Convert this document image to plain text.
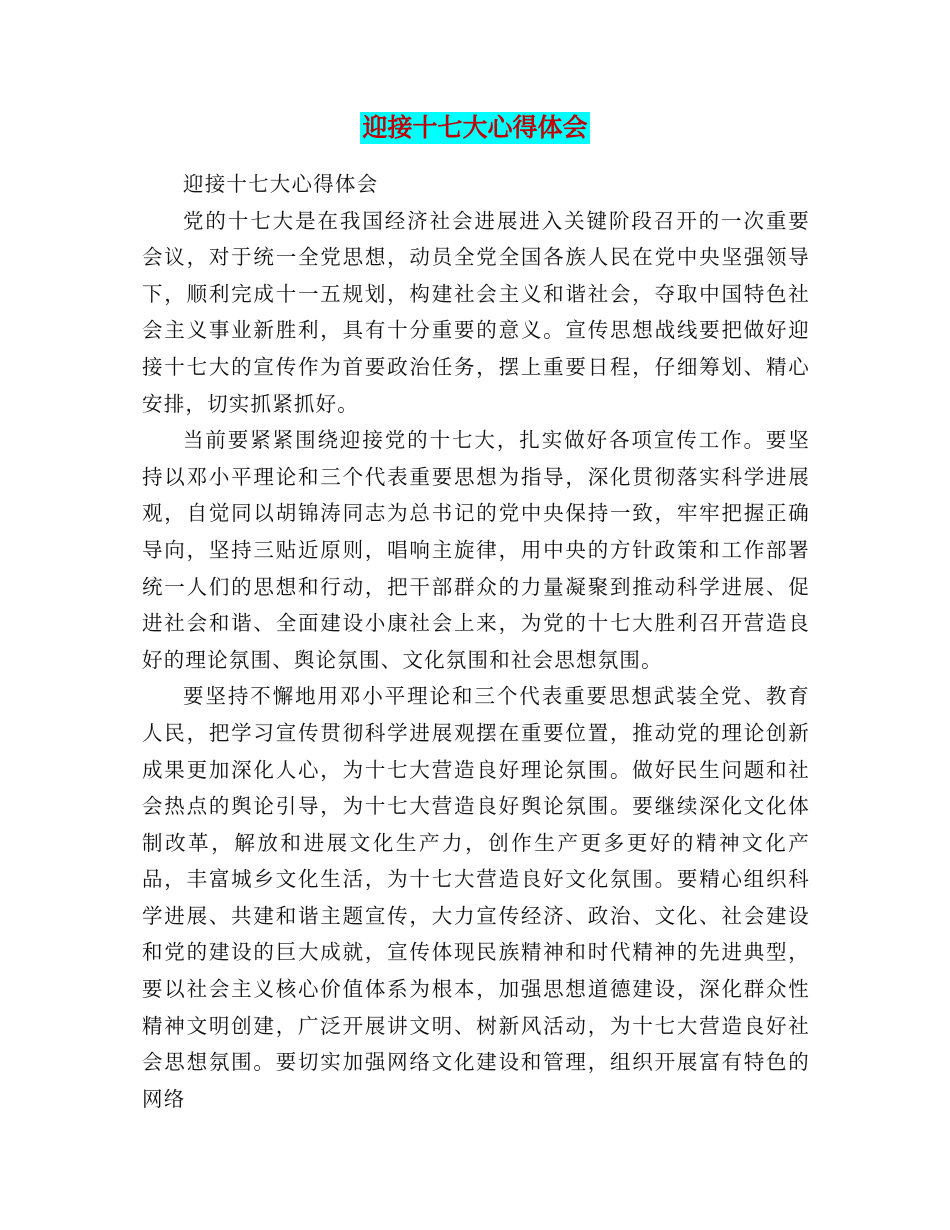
迎接十七大心得体会

迎接十七大心得体会

党的十七大是在我国经济社会进展进入关键阶段召开的一次重要会议，对于统一全党思想，动员全党全国各族人民在党中央坚强领导下，顺利完成十一五规划，构建社会主义和谐社会，夺取中国特色社会主义事业新胜利，具有十分重要的意义。宣传思想战线要把做好迎接十七大的宣传作为首要政治任务，摆上重要日程，仔细筹划、精心安排，切实抓紧抓好。

当前要紧紧围绕迎接党的十七大，扎实做好各项宣传工作。要坚持以邓小平理论和三个代表重要思想为指导，深化贯彻落实科学进展观，自觉同以胡锦涛同志为总书记的党中央保持一致，牢牢把握正确导向，坚持三贴近原则，唱响主旋律，用中央的方针政策和工作部署统一人们的思想和行动，把干部群众的力量凝聚到推动科学进展、促进社会和谐、全面建设小康社会上来，为党的十七大胜利召开营造良好的理论氛围、舆论氛围、文化氛围和社会思想氛围。

要坚持不懈地用邓小平理论和三个代表重要思想武装全党、教育人民，把学习宣传贯彻科学进展观摆在重要位置，推动党的理论创新成果更加深化人心，为十七大营造良好理论氛围。做好民生问题和社会热点的舆论引导，为十七大营造良好舆论氛围。要继续深化文化体制改革，解放和进展文化生产力，创作生产更多更好的精神文化产品，丰富城乡文化生活，为十七大营造良好文化氛围。要精心组织科学进展、共建和谐主题宣传，大力宣传经济、政治、文化、社会建设和党的建设的巨大成就，宣传体现民族精神和时代精神的先进典型，要以社会主义核心价值体系为根本，加强思想道德建设，深化群众性精神文明创建，广泛开展讲文明、树新风活动，为十七大营造良好社会思想氛围。要切实加强网络文化建设和管理，组织开展富有特色的网络
